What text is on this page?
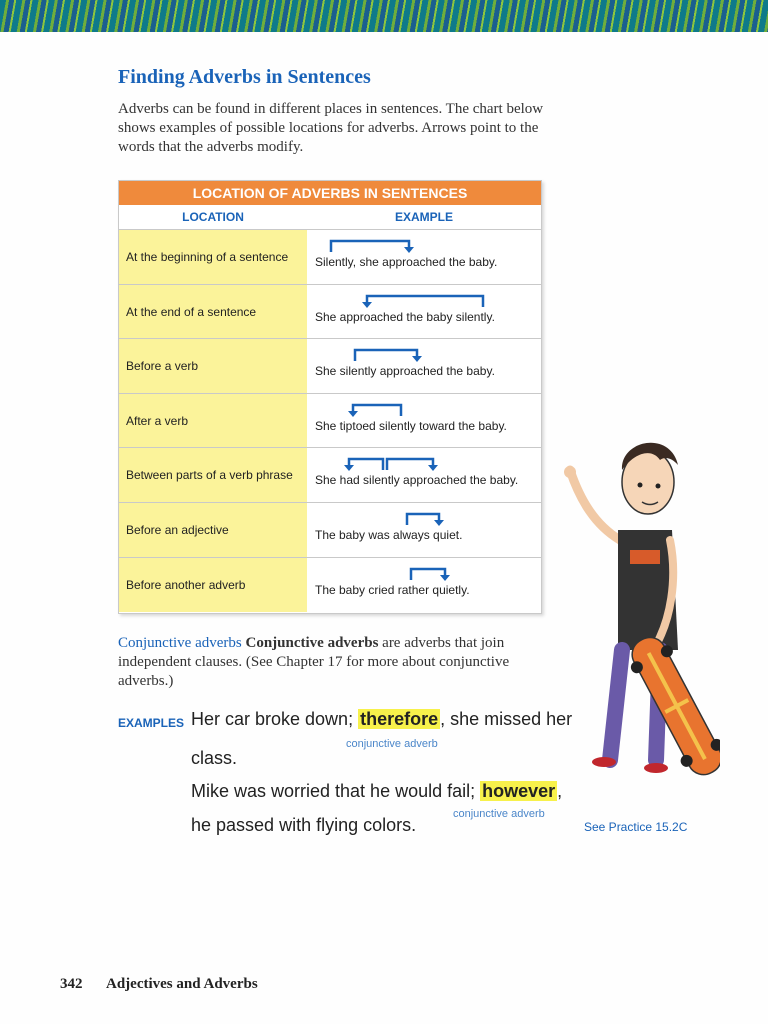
Finding Adverbs in Sentences

Adverbs can be found in different places in sentences. The chart below shows examples of possible locations for adverbs. Arrows point to the words that the adverbs modify.

LOCATION OF ADVERBS IN SENTENCES
LOCATION	EXAMPLE
At the beginning of a sentence	Silently, she approached the baby.
At the end of a sentence	She approached the baby silently.
Before a verb	She silently approached the baby.
After a verb	She tiptoed silently toward the baby.
Between parts of a verb phrase	She had silently approached the baby.
Before an adjective	The baby was always quiet.
Before another adverb	The baby cried rather quietly.

Conjunctive adverbs Conjunctive adverbs are adverbs that join independent clauses. (See Chapter 17 for more about conjunctive adverbs.)

EXAMPLES Her car broke down; therefore , she missed her
conjunctive adverb
class.
Mike was worried that he would fail; however ,
conjunctive adverb
he passed with flying colors.	See Practice 15.2C
342 Adjectives and Adverbs
